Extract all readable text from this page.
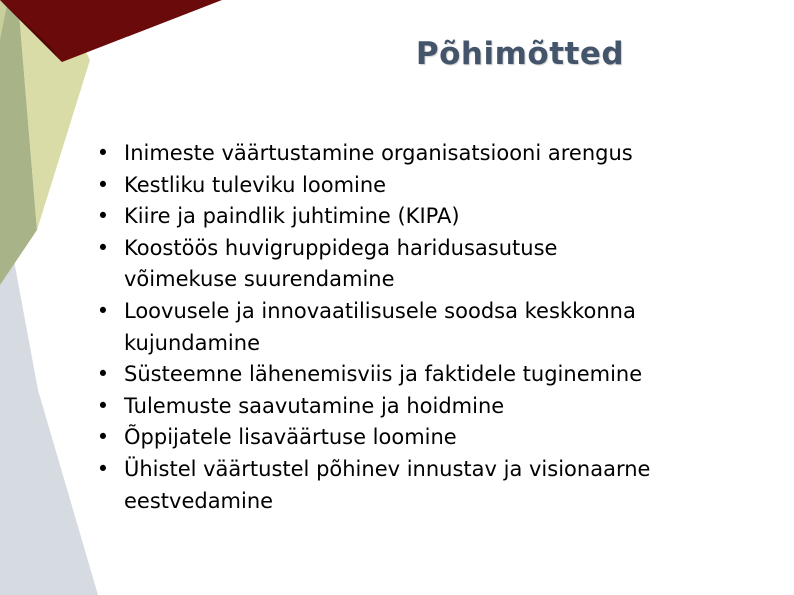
Põhimõtted
• Inimeste väärtustamine organisatsiooni arengus
• Kestliku tuleviku loomine
• Kiire ja paindlik juhtimine (KIPA)
• Koostöös huvigruppidega haridusasutuse
võimekuse suurendamine
• Loovusele ja innovaatilisusele soodsa keskkonna
kujundamine
• Süsteemne lähenemisviis ja faktidele tuginemine
• Tulemuste saavutamine ja hoidmine
• Õppijatele lisaväärtuse loomine
• Ühistel väärtustel põhinev innustav ja visionaarne
eestvedamine
